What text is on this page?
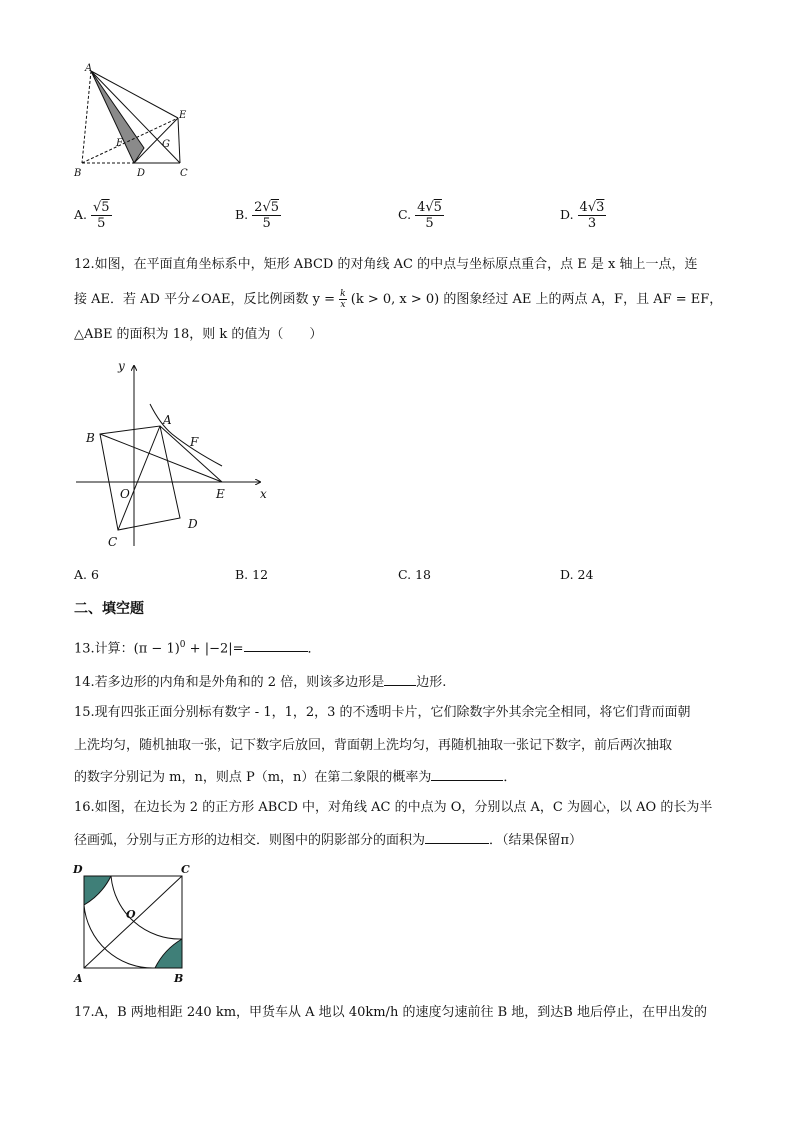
A
B	D	C
E
F	G
A. $\frac{√5}{5}$	B. $\frac{2√5}{5}$	C. $\frac{4√5}{5}$	D. $\frac{4√3}{3}$
12.如图，在平面直角坐标系中，矩形 ABCD 的对角线 AC 的中点与坐标原点重合，点 E 是 x 轴上一点，连
接 AE．若 AD 平分∠OAE，反比例函数 $y = \frac{k}{x} (k > 0$, x > 0) 的图象经过 AE 上的两点 A，F，且 AF = EF，
△ABE 的面积为 18，则 k 的值为（　　）
y
x
O
A
B
C
D
E
F
A. 6	B. 12	C. 18	D. 24
二、填空题
13.计算：$(\pi - 1)^0 + |-2|=$	．
14.若多边形的内角和是外角和的 2 倍，则该多边形是 边形.
15.现有四张正面分别标有数字 - 1，1，2，3 的不透明卡片，它们除数字外其余完全相同，将它们背而面朝
上洗均匀，随机抽取一张，记下数字后放回，背面朝上洗均匀，再随机抽取一张记下数字，前后两次抽取
的数字分别记为 m，n，则点 P（m，n）在第二象限的概率为	．
16.如图，在边长为 2 的正方形 ABCD 中，对角线 AC 的中点为 O，分别以点 A，C 为圆心，以 AO 的长为半
径画弧，分别与正方形的边相交．则图中的阴影部分的面积为	．（结果保留π）
D	C
O
A	B
17.A，B 两地相距 240 km，甲货车从 A 地以 40km/h 的速度匀速前往 B 地，到达B 地后停止，在甲出发的
